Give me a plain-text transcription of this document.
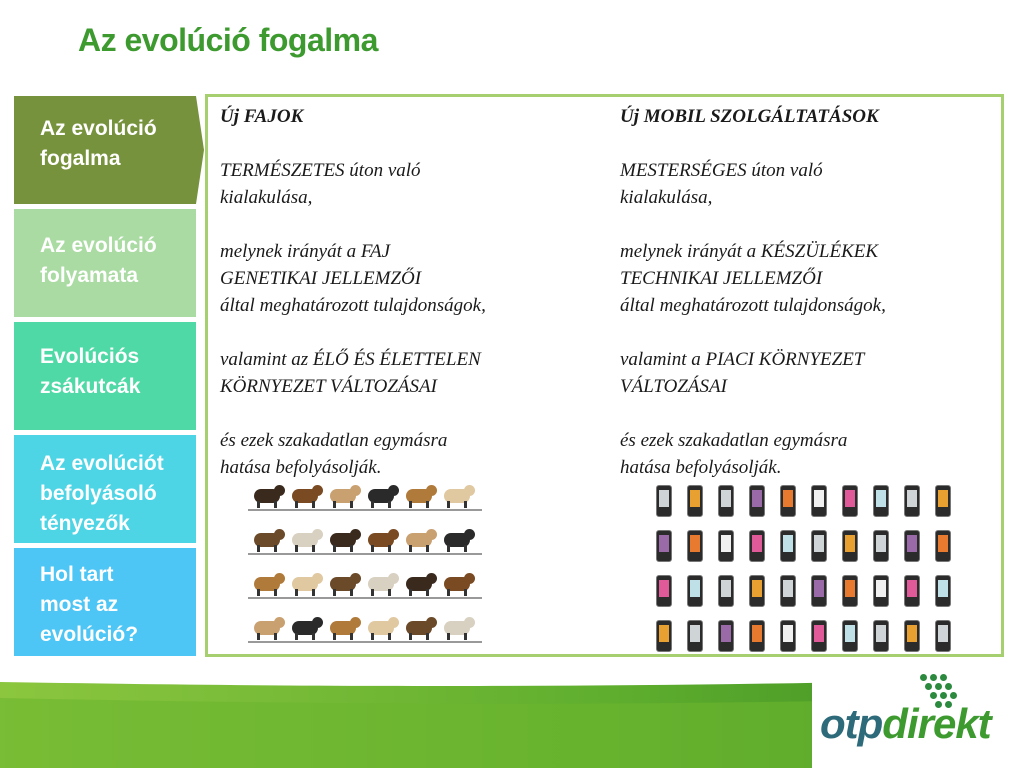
Az evolúció fogalma
Az evolúció
fogalma
Az evolúció
folyamata
Evolúciós
zsákutcák
Az evolúciót
befolyásoló
tényezők
Hol tart
most az
evolúció?

Új FAJOK

TERMÉSZETES úton való
kialakulása,

melynek irányát a FAJ
GENETIKAI JELLEMZŐI
által meghatározott tulajdonságok,

valamint az ÉLŐ ÉS ÉLETTELEN
KÖRNYEZET VÁLTOZÁSAI

és ezek szakadatlan egymásra
hatása befolyásolják.

Új MOBIL SZOLGÁLTATÁSOK

MESTERSÉGES úton való
kialakulása,

melynek irányát a KÉSZÜLÉKEK
TECHNIKAI JELLEMZŐI
által meghatározott tulajdonságok,

valamint a PIACI KÖRNYEZET
VÁLTOZÁSAI

és ezek szakadatlan egymásra
hatása befolyásolják.

otpdirekt
